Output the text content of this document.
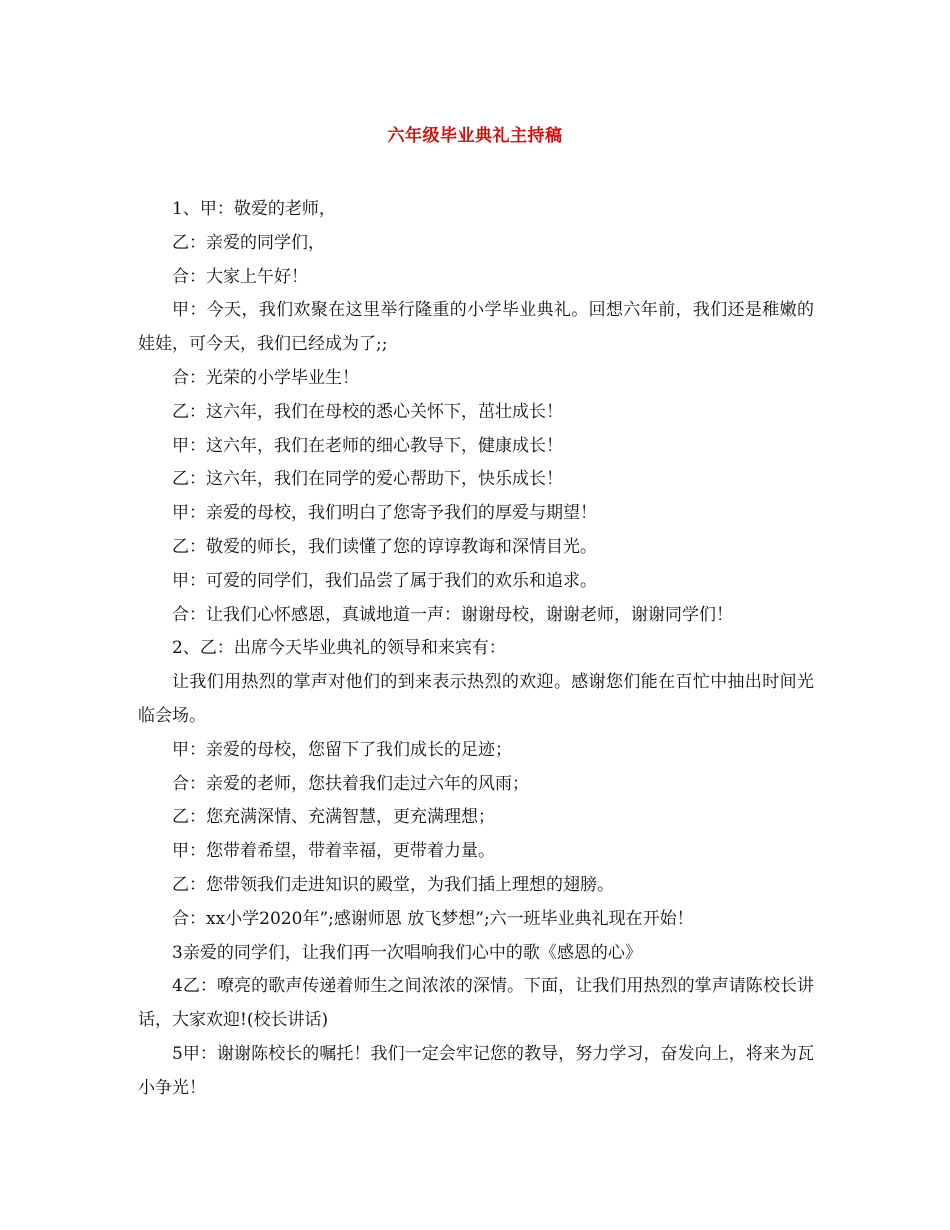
六年级毕业典礼主持稿

1、甲：敬爱的老师，

乙：亲爱的同学们，

合：大家上午好！

甲：今天，我们欢聚在这里举行隆重的小学毕业典礼。回想六年前，我们还是稚嫩的娃娃，可今天，我们已经成为了;;

合：光荣的小学毕业生！

乙：这六年，我们在母校的悉心关怀下，茁壮成长！

甲：这六年，我们在老师的细心教导下，健康成长！

乙：这六年，我们在同学的爱心帮助下，快乐成长！

甲：亲爱的母校，我们明白了您寄予我们的厚爱与期望！

乙：敬爱的师长，我们读懂了您的谆谆教诲和深情目光。

甲：可爱的同学们，我们品尝了属于我们的欢乐和追求。

合：让我们心怀感恩，真诚地道一声：谢谢母校，谢谢老师，谢谢同学们！

2、乙：出席今天毕业典礼的领导和来宾有：

让我们用热烈的掌声对他们的到来表示热烈的欢迎。感谢您们能在百忙中抽出时间光临会场。

甲：亲爱的母校，您留下了我们成长的足迹；

合：亲爱的老师，您扶着我们走过六年的风雨；

乙：您充满深情、充满智慧，更充满理想；

甲：您带着希望，带着幸福，更带着力量。

乙：您带领我们走进知识的殿堂，为我们插上理想的翅膀。

合：xx小学2020年”;感谢师恩 放飞梦想”;六一班毕业典礼现在开始！

3亲爱的同学们，让我们再一次唱响我们心中的歌《感恩的心》

4乙：嘹亮的歌声传递着师生之间浓浓的深情。下面，让我们用热烈的掌声请陈校长讲话，大家欢迎!(校长讲话)

5甲：谢谢陈校长的嘱托！我们一定会牢记您的教导，努力学习，奋发向上，将来为瓦小争光！
